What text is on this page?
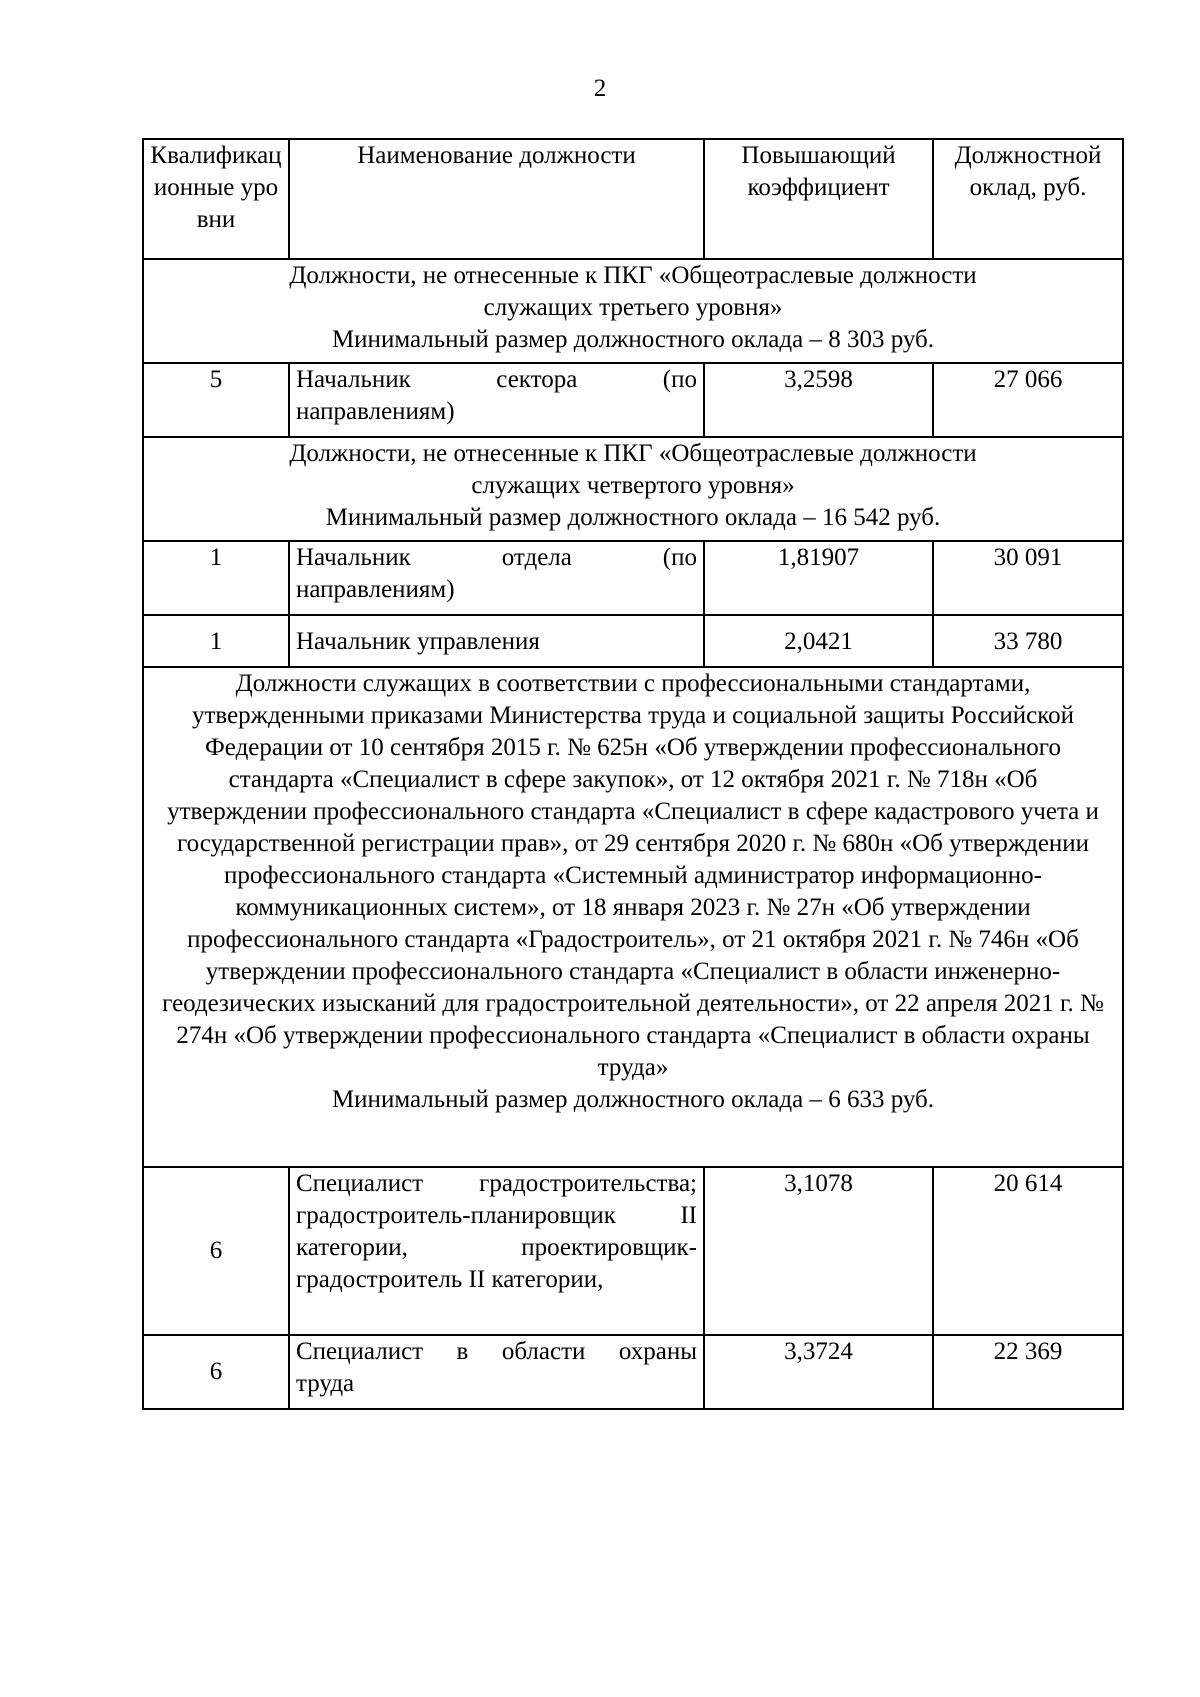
2
Квалификационные уровни	Наименование должности	Повышающий коэффициент	Должностной оклад, руб.

Должности, не отнесенные к ПКГ «Общеотраслевые должности служащих третьего уровня»
Минимальный размер должностного оклада – 8 303 руб.			

5	Начальник сектора (по направлениям)	3,2598	27 066

Должности, не отнесенные к ПКГ «Общеотраслевые должности служащих четвертого уровня»
Минимальный размер должностного оклада – 16 542 руб.			

1	Начальник отдела (по направлениям)	1,81907	30 091
1	Начальник управления	2,0421	33 780

Должности служащих в соответствии с профессиональными стандартами, утвержденными приказами Министерства труда и социальной защиты Российской Федерации от 10 сентября 2015 г. № 625н «Об утверждении профессионального стандарта «Специалист в сфере закупок», от 12 октября 2021 г. № 718н «Об утверждении профессионального стандарта «Специалист в сфере кадастрового учета и государственной регистрации прав», от 29 сентября 2020 г. № 680н «Об утверждении профессионального стандарта «Системный администратор информационно-коммуникационных систем», от 18 января 2023 г. № 27н «Об утверждении профессионального стандарта «Градостроитель», от 21 октября 2021 г. № 746н «Об утверждении профессионального стандарта «Специалист в области инженерно-геодезических изысканий для градостроительной деятельности», от 22 апреля 2021 г. № 274н «Об утверждении профессионального стандарта «Специалист в области охраны труда»
Минимальный размер должностного оклада – 6 633 руб.			

6	Специалист градостроительства; градостроитель-планировщик II категории, проектировщик-градостроитель II категории,	3,1078	20 614
6	Специалист в области охраны труда	3,3724	22 369
